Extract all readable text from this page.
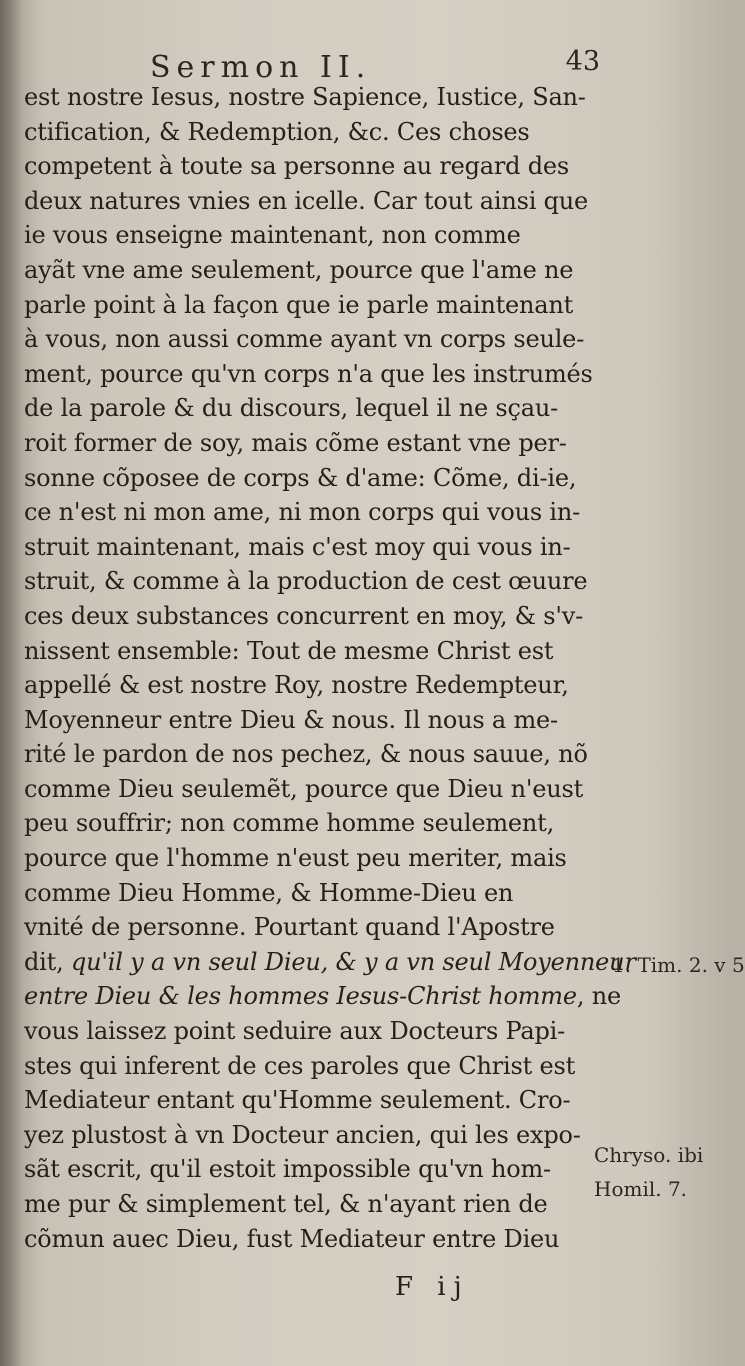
Sermon II.	43
est nostre Iesus, nostre Sapience, Iustice, San-
ctification, & Redemption, &c. Ces choses
competent à toute sa personne au regard des
deux natures vnies en icelle. Car tout ainsi que
ie vous enseigne maintenant, non comme
ayãt vne ame seulement, pource que l'ame ne
parle point à la façon que ie parle maintenant
à vous, non aussi comme ayant vn corps seule-
ment, pource qu'vn corps n'a que les instrumés
de la parole & du discours, lequel il ne sçau-
roit former de soy, mais cõme estant vne per-
sonne cõposee de corps & d'ame: Cõme, di-ie,
ce n'est ni mon ame, ni mon corps qui vous in-
struit maintenant, mais c'est moy qui vous in-
struit, & comme à la production de cest œuure
ces deux substances concurrent en moy, & s'v-
nissent ensemble: Tout de mesme Christ est
appellé & est nostre Roy, nostre Redempteur,
Moyenneur entre Dieu & nous. Il nous a me-
rité le pardon de nos pechez, & nous sauue, nõ
comme Dieu seulemẽt, pource que Dieu n'eust
peu souffrir; non comme homme seulement,
pource que l'homme n'eust peu meriter, mais
comme Dieu Homme, & Homme-Dieu en
vnité de personne. Pourtant quand l'Apostre
dit, qu'il y a vn seul Dieu, & y a vn seul Moyenneur
entre Dieu & les hommes Iesus-Christ homme, ne
vous laissez point seduire aux Docteurs Papi-
stes qui inferent de ces paroles que Christ est
Mediateur entant qu'Homme seulement. Cro-
yez plustost à vn Docteur ancien, qui les expo-
sãt escrit, qu'il estoit impossible qu'vn hom-
me pur & simplement tel, & n'ayant rien de
cõmun auec Dieu, fust Mediateur entre Dieu
1. Tim. 2. v 5
Chryso. ibi
Homil. 7.
F ij
